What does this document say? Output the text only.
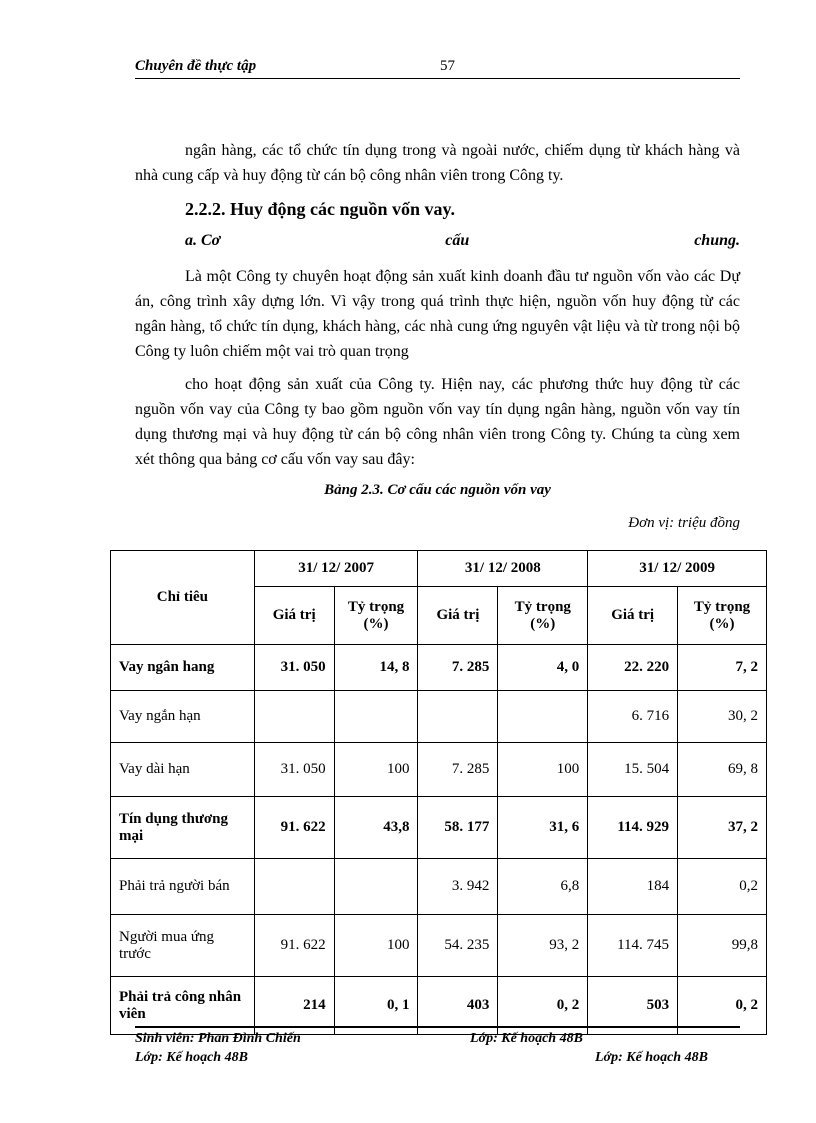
Chuyên đề thực tập	57
ngân hàng, các tổ chức tín dụng trong và ngoài nước, chiếm dụng từ khách hàng và nhà cung cấp và huy động từ cán bộ công nhân viên trong Công ty.
2.2.2. Huy động các nguồn vốn vay.
a. Cơ	cấu	chung.
Là một Công ty chuyên hoạt động sản xuất kinh doanh đầu tư nguồn vốn vào các Dự án, công trình xây dựng lớn. Vì vậy trong quá trình thực hiện, nguồn vốn huy động từ các ngân hàng, tổ chức tín dụng, khách hàng, các nhà cung ứng nguyên vật liệu và từ trong nội bộ Công ty luôn chiếm một vai trò quan trọng
cho hoạt động sản xuất của Công ty. Hiện nay, các phương thức huy động từ các nguồn vốn vay của Công ty bao gồm nguồn vốn vay tín dụng ngân hàng, nguồn vốn vay tín dụng thương mại và huy động từ cán bộ công nhân viên trong Công ty. Chúng ta cùng xem xét thông qua bảng cơ cấu vốn vay sau đây:
Bảng 2.3. Cơ cấu các nguồn vốn vay
Đơn vị: triệu đồng
Chỉ tiêu	31/ 12/ 2007		31/ 12/ 2008		31/ 12/ 2009	
	Giá trị	Tỷ trọng (%)	Giá trị	Tỷ trọng (%)	Giá trị	Tỷ trọng (%)
Vay ngân hang	31. 050	14, 8	7. 285	4, 0	22. 220	7, 2
Vay ngắn hạn					6. 716	30, 2
Vay dài hạn	31. 050	100	7. 285	100	15. 504	69, 8
Tín dụng thương mại	91. 622	43,8	58. 177	31, 6	114. 929	37, 2
Phải trả người bán			3. 942	6,8	184	0,2
Người mua ứng trước	91. 622	100	54. 235	93, 2	114. 745	99,8
Phải trả công nhân viên	214	0, 1	403	0, 2	503	0, 2
Sinh viên: Phan Đình Chiến	Lớp: Kế hoạch 48B
Lớp: Kế hoạch 48B	Lớp: Kế hoạch 48B
